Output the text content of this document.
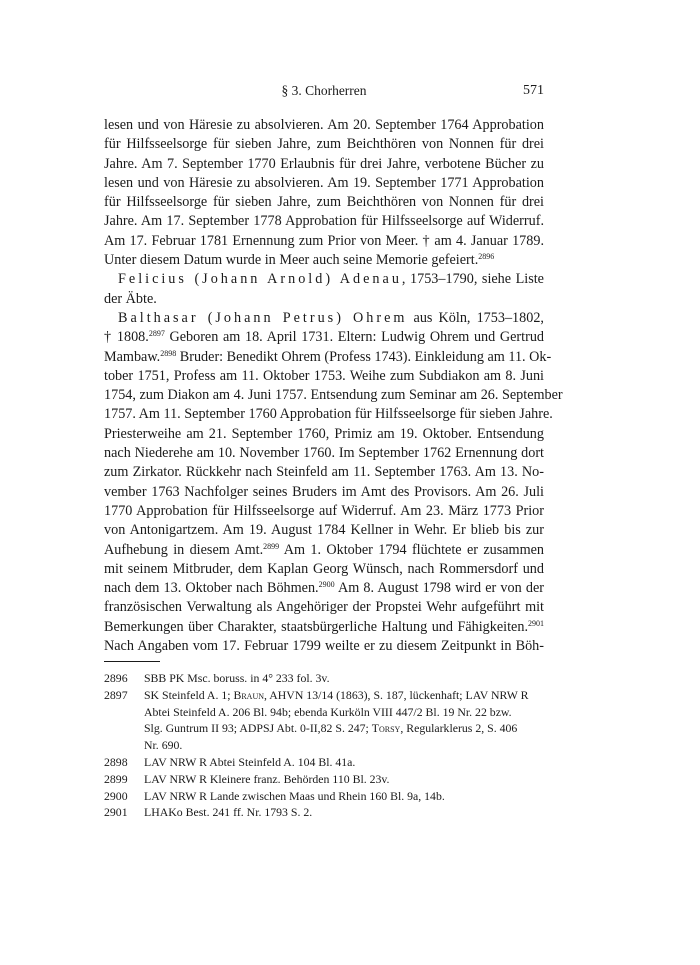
§ 3. Chorherren	571
lesen und von Häresie zu absolvieren. Am 20. September 1764 Approbation
für Hilfsseelsorge für sieben Jahre, zum Beichthören von Nonnen für drei
Jahre. Am 7. September 1770 Erlaubnis für drei Jahre, verbotene Bücher zu
lesen und von Häresie zu absolvieren. Am 19. September 1771 Approbation
für Hilfsseelsorge für sieben Jahre, zum Beichthören von Nonnen für drei
Jahre. Am 17. September 1778 Approbation für Hilfsseelsorge auf Widerruf.
Am 17. Februar 1781 Ernennung zum Prior von Meer. † am 4. Januar 1789.
Unter diesem Datum wurde in Meer auch seine Memorie gefeiert.$^{2896}$
Felicius (Johann Arnold) Adenau, 1753–1790, siehe Liste
der Äbte.
Balthasar (Johann Petrus) Ohrem aus Köln, 1753–1802,
† 1808.$^{2897}$ Geboren am 18. April 1731. Eltern: Ludwig Ohrem und Gertrud
Mambaw.$^{2898}$ Bruder: Benedikt Ohrem (Profess 1743). Einkleidung am 11. Ok-
tober 1751, Profess am 11. Oktober 1753. Weihe zum Subdiakon am 8. Juni
1754, zum Diakon am 4. Juni 1757. Entsendung zum Seminar am 26. September
1757. Am 11. September 1760 Approbation für Hilfsseelsorge für sieben Jahre.
Priesterweihe am 21. September 1760, Primiz am 19. Oktober. Entsendung
nach Niederehe am 10. November 1760. Im September 1762 Ernennung dort
zum Zirkator. Rückkehr nach Steinfeld am 11. September 1763. Am 13. No-
vember 1763 Nachfolger seines Bruders im Amt des Provisors. Am 26. Juli
1770 Approbation für Hilfsseelsorge auf Widerruf. Am 23. März 1773 Prior
von Antonigartzem. Am 19. August 1784 Kellner in Wehr. Er blieb bis zur
Aufhebung in diesem Amt.$^{2899}$ Am 1. Oktober 1794 flüchtete er zusammen
mit seinem Mitbruder, dem Kaplan Georg Wünsch, nach Rommersdorf und
nach dem 13. Oktober nach Böhmen.$^{2900}$ Am 8. August 1798 wird er von der
französischen Verwaltung als Angehöriger der Propstei Wehr aufgeführt mit
Bemerkungen über Charakter, staatsbürgerliche Haltung und Fähigkeiten.$^{2901}$
Nach Angaben vom 17. Februar 1799 weilte er zu diesem Zeitpunkt in Böh-
2896 SBB PK Msc. boruss. in 4° 233 fol. 3v.
2897 SK Steinfeld A. 1; Braun, AHVN 13/14 (1863), S. 187, lückenhaft; LAV NRW R
Abtei Steinfeld A. 206 Bl. 94b; ebenda Kurköln VIII 447/2 Bl. 19 Nr. 22 bzw.
Slg. Guntrum II 93; ADPSJ Abt. 0-II,82 S. 247; Torsy, Regularklerus 2, S. 406
Nr. 690.
2898 LAV NRW R Abtei Steinfeld A. 104 Bl. 41a.
2899 LAV NRW R Kleinere franz. Behörden 110 Bl. 23v.
2900 LAV NRW R Lande zwischen Maas und Rhein 160 Bl. 9a, 14b.
2901 LHAKo Best. 241 ff. Nr. 1793 S. 2.
